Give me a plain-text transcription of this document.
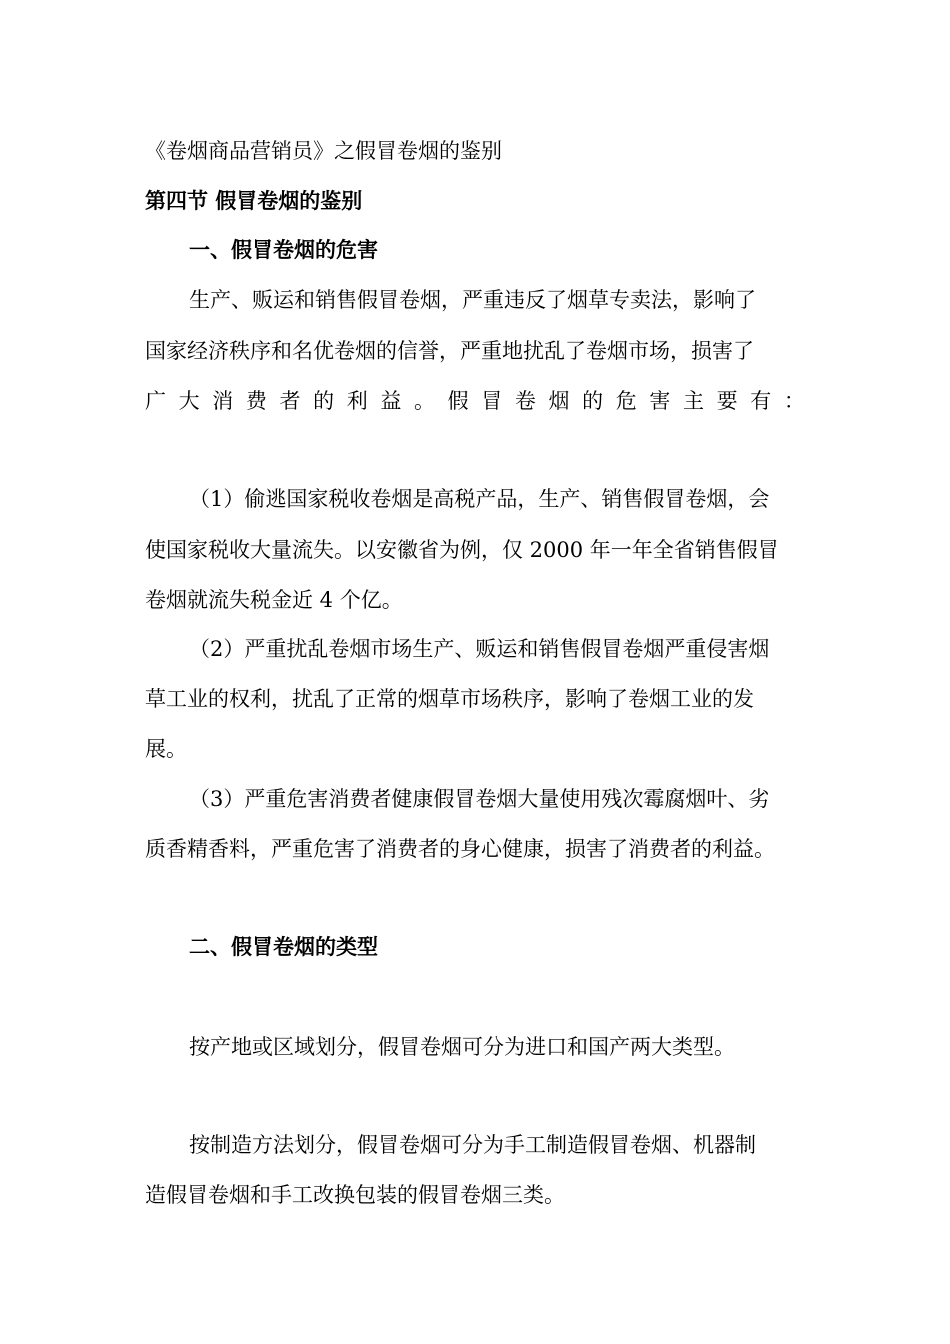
《卷烟商品营销员》之假冒卷烟的鉴别
第四节 假冒卷烟的鉴别
一、假冒卷烟的危害
生产、贩运和销售假冒卷烟，严重违反了烟草专卖法，影响了
国家经济秩序和名优卷烟的信誉，严重地扰乱了卷烟市场，损害了
广 大 消 费 者 的 利 益 。 假 冒 卷 烟 的 危 害 主 要 有 ：
（1）偷逃国家税收卷烟是高税产品，生产、销售假冒卷烟，会
使国家税收大量流失。以安徽省为例，仅 2000 年一年全省销售假冒
卷烟就流失税金近 4 个亿。
（2）严重扰乱卷烟市场生产、贩运和销售假冒卷烟严重侵害烟
草工业的权利，扰乱了正常的烟草市场秩序，影响了卷烟工业的发
展。
（3）严重危害消费者健康假冒卷烟大量使用残次霉腐烟叶、劣
质香精香料，严重危害了消费者的身心健康，损害了消费者的利益。
二、假冒卷烟的类型
按产地或区域划分，假冒卷烟可分为进口和国产两大类型。
按制造方法划分，假冒卷烟可分为手工制造假冒卷烟、机器制
造假冒卷烟和手工改换包装的假冒卷烟三类。
